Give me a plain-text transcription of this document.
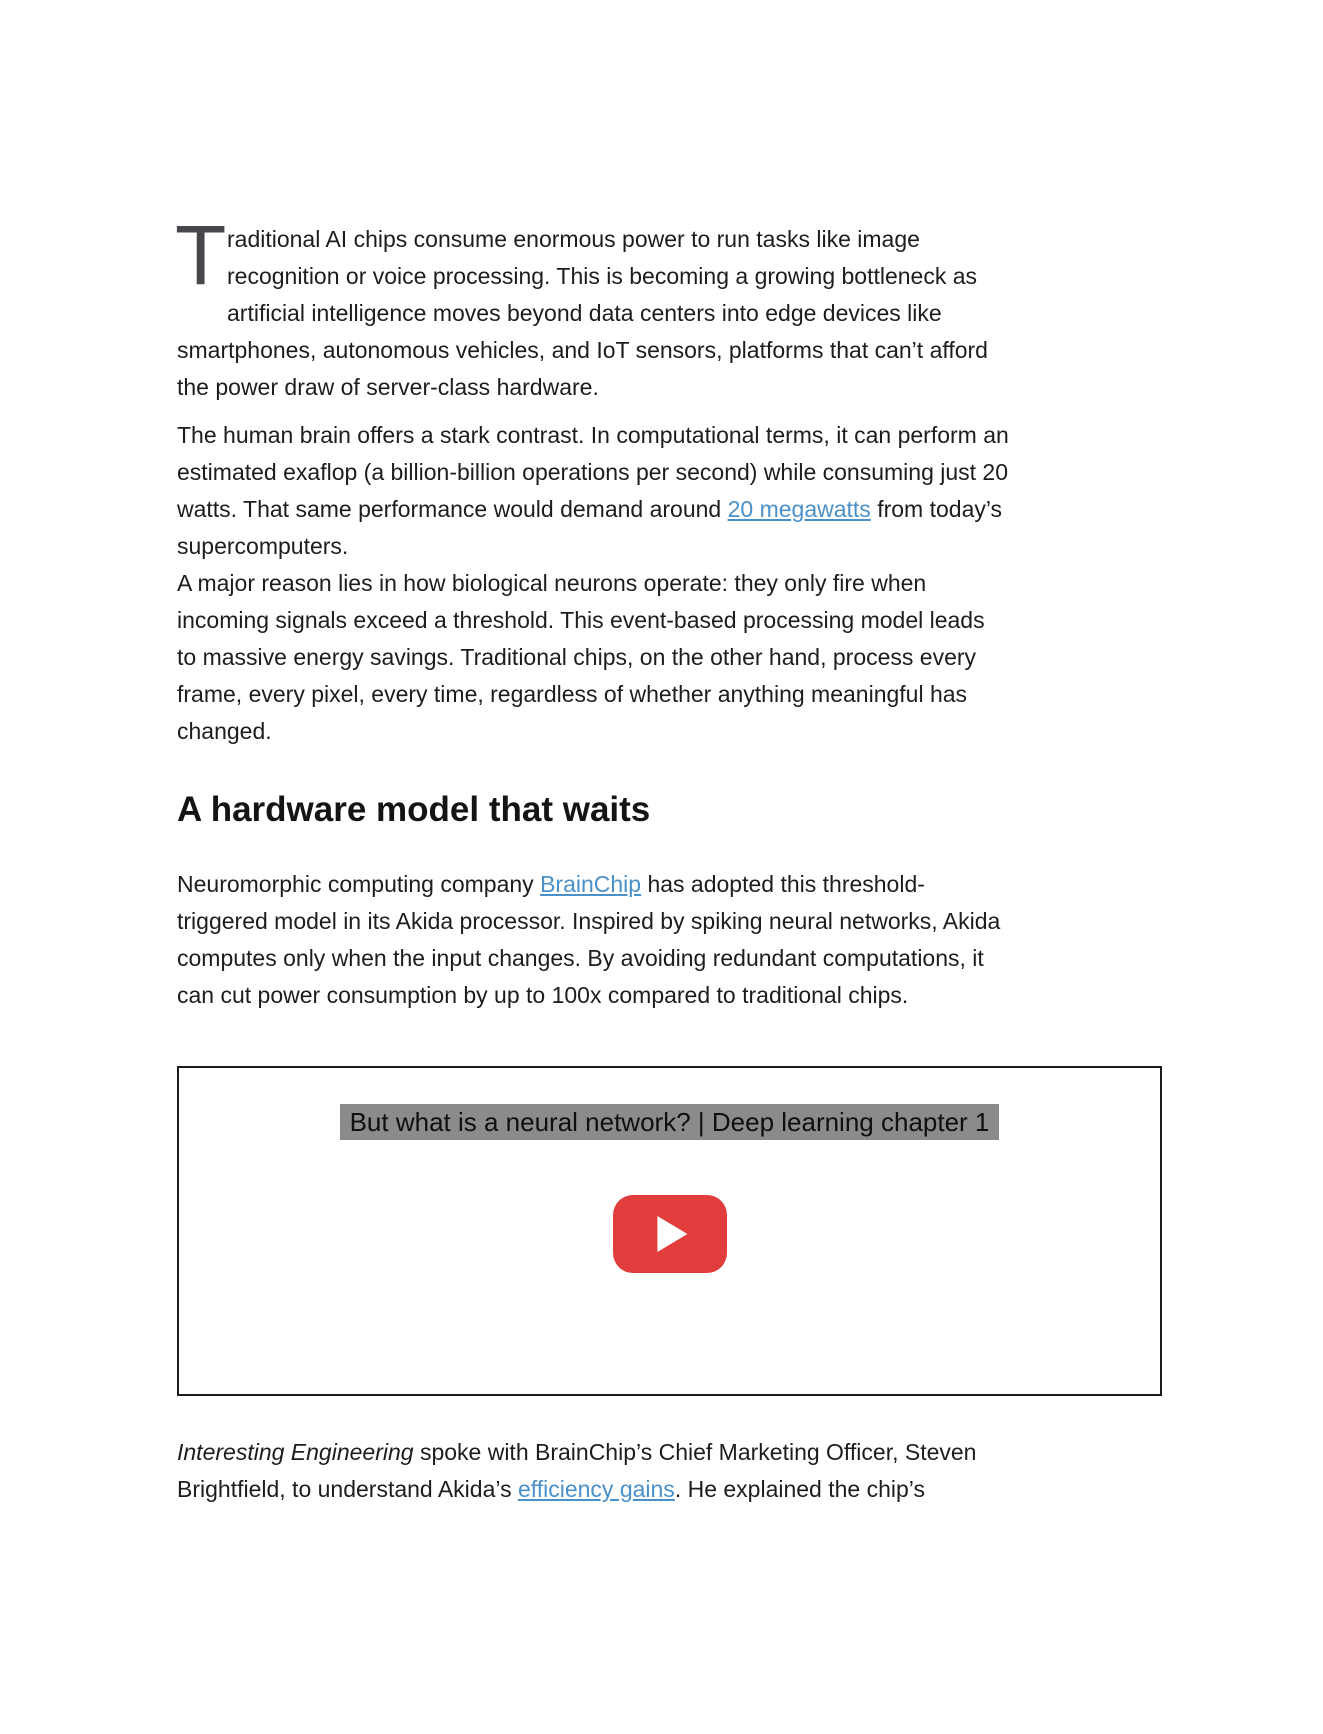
T raditional AI chips consume enormous power to run tasks like image
recognition or voice processing. This is becoming a growing bottleneck as
artificial intelligence moves beyond data centers into edge devices like
smartphones, autonomous vehicles, and IoT sensors, platforms that can’t afford
the power draw of server-class hardware.

The human brain offers a stark contrast. In computational terms, it can perform an
estimated exaflop (a billion-billion operations per second) while consuming just 20
watts. That same performance would demand around 20 megawatts from today’s
supercomputers.
A major reason lies in how biological neurons operate: they only fire when
incoming signals exceed a threshold. This event-based processing model leads
to massive energy savings. Traditional chips, on the other hand, process every
frame, every pixel, every time, regardless of whether anything meaningful has
changed.

A hardware model that waits

Neuromorphic computing company BrainChip has adopted this threshold-
triggered model in its Akida processor. Inspired by spiking neural networks, Akida
computes only when the input changes. By avoiding redundant computations, it
can cut power consumption by up to 100x compared to traditional chips.

But what is a neural network? | Deep learning chapter 1

Interesting Engineering spoke with BrainChip’s Chief Marketing Officer, Steven
Brightfield, to understand Akida’s efficiency gains. He explained the chip’s
